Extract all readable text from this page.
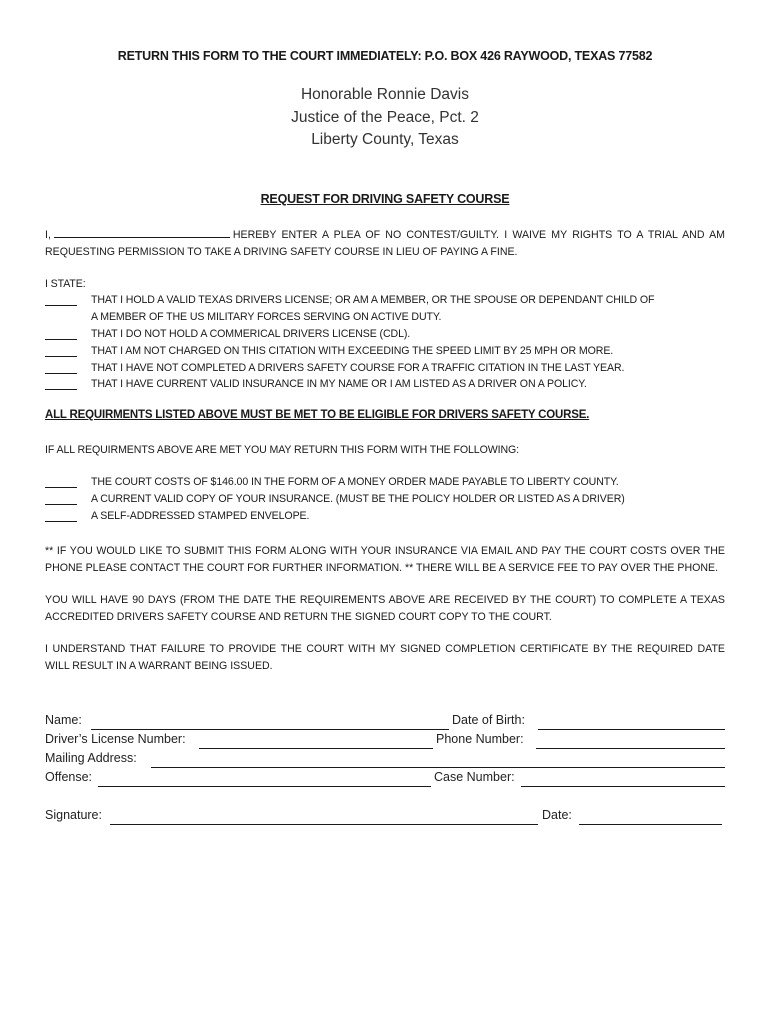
RETURN THIS FORM TO THE COURT IMMEDIATELY: P.O. BOX 426 RAYWOOD, TEXAS 77582
Honorable Ronnie Davis
Justice of the Peace, Pct. 2
Liberty County, Texas
REQUEST FOR DRIVING SAFETY COURSE
I,	HEREBY ENTER A PLEA OF NO CONTEST/GUILTY. I WAIVE MY RIGHTS TO A TRIAL AND AM REQUESTING PERMISSION TO TAKE A DRIVING SAFETY COURSE IN LIEU OF PAYING A FINE.
I STATE:
THAT I HOLD A VALID TEXAS DRIVERS LICENSE; OR AM A MEMBER, OR THE SPOUSE OR DEPENDANT CHILD OF
A MEMBER OF THE US MILITARY FORCES SERVING ON ACTIVE DUTY.
THAT I DO NOT HOLD A COMMERICAL DRIVERS LICENSE (CDL).
THAT I AM NOT CHARGED ON THIS CITATION WITH EXCEEDING THE SPEED LIMIT BY 25 MPH OR MORE.
THAT I HAVE NOT COMPLETED A DRIVERS SAFETY COURSE FOR A TRAFFIC CITATION IN THE LAST YEAR.
THAT I HAVE CURRENT VALID INSURANCE IN MY NAME OR I AM LISTED AS A DRIVER ON A POLICY.
ALL REQUIRMENTS LISTED ABOVE MUST BE MET TO BE ELIGIBLE FOR DRIVERS SAFETY COURSE.
IF ALL REQUIRMENTS ABOVE ARE MET YOU MAY RETURN THIS FORM WITH THE FOLLOWING:
THE COURT COSTS OF $146.00 IN THE FORM OF A MONEY ORDER MADE PAYABLE TO LIBERTY COUNTY.
A CURRENT VALID COPY OF YOUR INSURANCE. (MUST BE THE POLICY HOLDER OR LISTED AS A DRIVER)
A SELF-ADDRESSED STAMPED ENVELOPE.
** IF YOU WOULD LIKE TO SUBMIT THIS FORM ALONG WITH YOUR INSURANCE VIA EMAIL AND PAY THE COURT COSTS OVER THE PHONE PLEASE CONTACT THE COURT FOR FURTHER INFORMATION. ** THERE WILL BE A SERVICE FEE TO PAY OVER THE PHONE.
YOU WILL HAVE 90 DAYS (FROM THE DATE THE REQUIREMENTS ABOVE ARE RECEIVED BY THE COURT) TO COMPLETE A TEXAS ACCREDITED DRIVERS SAFETY COURSE AND RETURN THE SIGNED COURT COPY TO THE COURT.
I UNDERSTAND THAT FAILURE TO PROVIDE THE COURT WITH MY SIGNED COMPLETION CERTIFICATE BY THE REQUIRED DATE WILL RESULT IN A WARRANT BEING ISSUED.
Name:	Date of Birth:
Driver’s License Number:	Phone Number:
Mailing Address:
Offense:	Case Number:
Signature:	Date:
